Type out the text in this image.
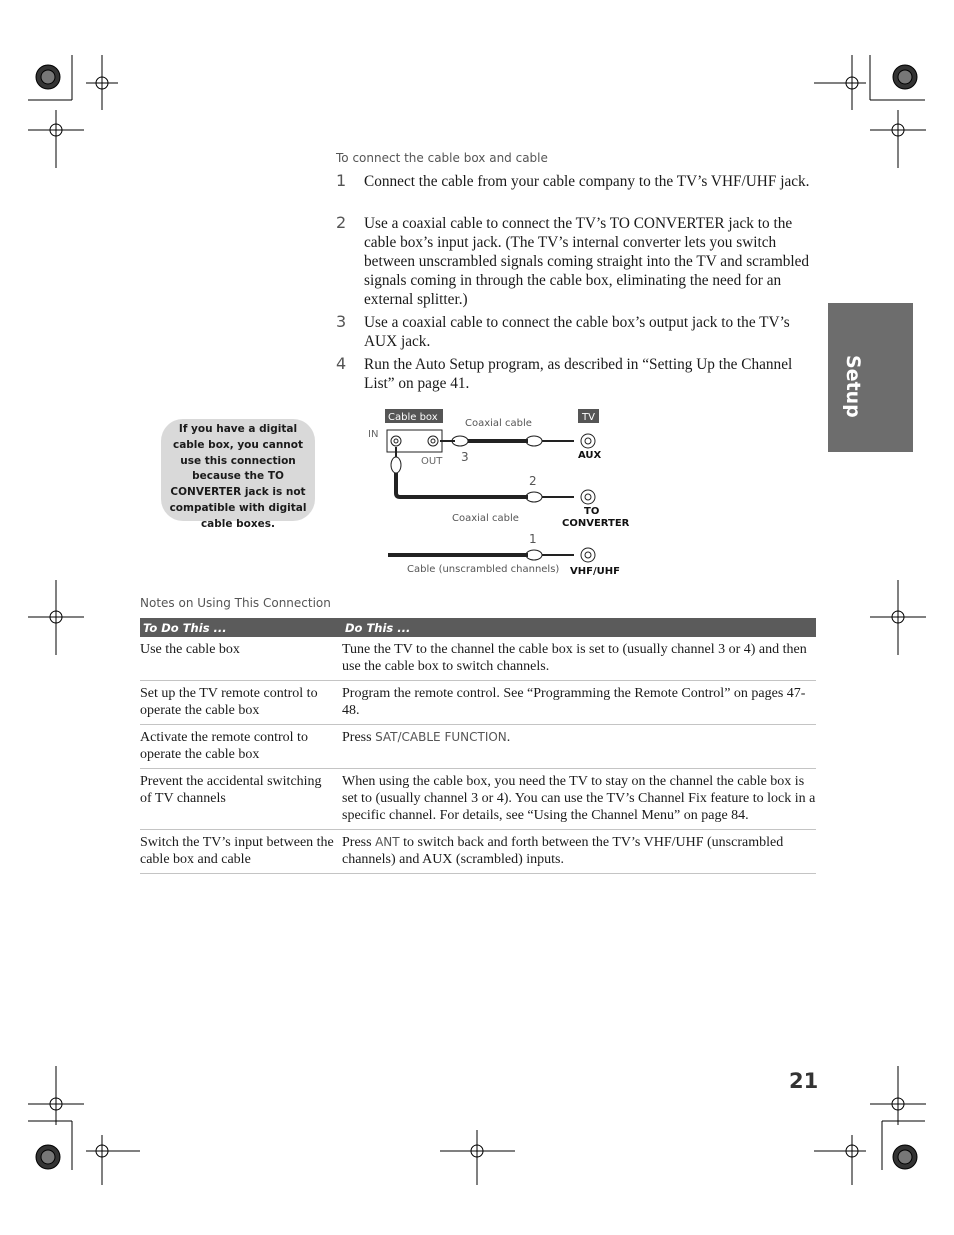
To connect the cable box and cable
1 Connect the cable from your cable company to the TV’s VHF/UHF jack.
2 Use a coaxial cable to connect the TV’s TO CONVERTER jack to the cable box’s input jack. (The TV’s internal converter lets you switch between unscrambled signals coming straight into the TV and scrambled signals coming in through the cable box, eliminating the need for an external splitter.)
3 Use a coaxial cable to connect the cable box’s output jack to the TV’s AUX jack.
4 Run the Auto Setup program, as described in “Setting Up the Channel List” on page 41.	Setup
If you have a digital cable box, you cannot use this connection because the TO CONVERTER jack is not compatible with digital cable boxes.
Cable box	TV
IN
OUT
Coaxial cable
Coaxial cable
Cable (unscrambled channels)
AUX
TO
CONVERTER
VHF/UHF
3
2
1
Notes on Using This Connection
To Do This ...	Do This ...
Use the cable box	Tune the TV to the channel the cable box is set to (usually channel 3 or 4) and then use the cable box to switch channels.
Set up the TV remote control to operate the cable box	Program the remote control. See “Programming the Remote Control” on pages 47-48.
Activate the remote control to operate the cable box	Press SAT/CABLE FUNCTION.
Prevent the accidental switching of TV channels	When using the cable box, you need the TV to stay on the channel the cable box is set to (usually channel 3 or 4). You can use the TV’s Channel Fix feature to lock in a specific channel. For details, see “Using the Channel Menu” on page 84.
Switch the TV’s input between the cable box and cable	Press ANT to switch back and forth between the TV’s VHF/UHF (unscrambled channels) and AUX (scrambled) inputs.
21
